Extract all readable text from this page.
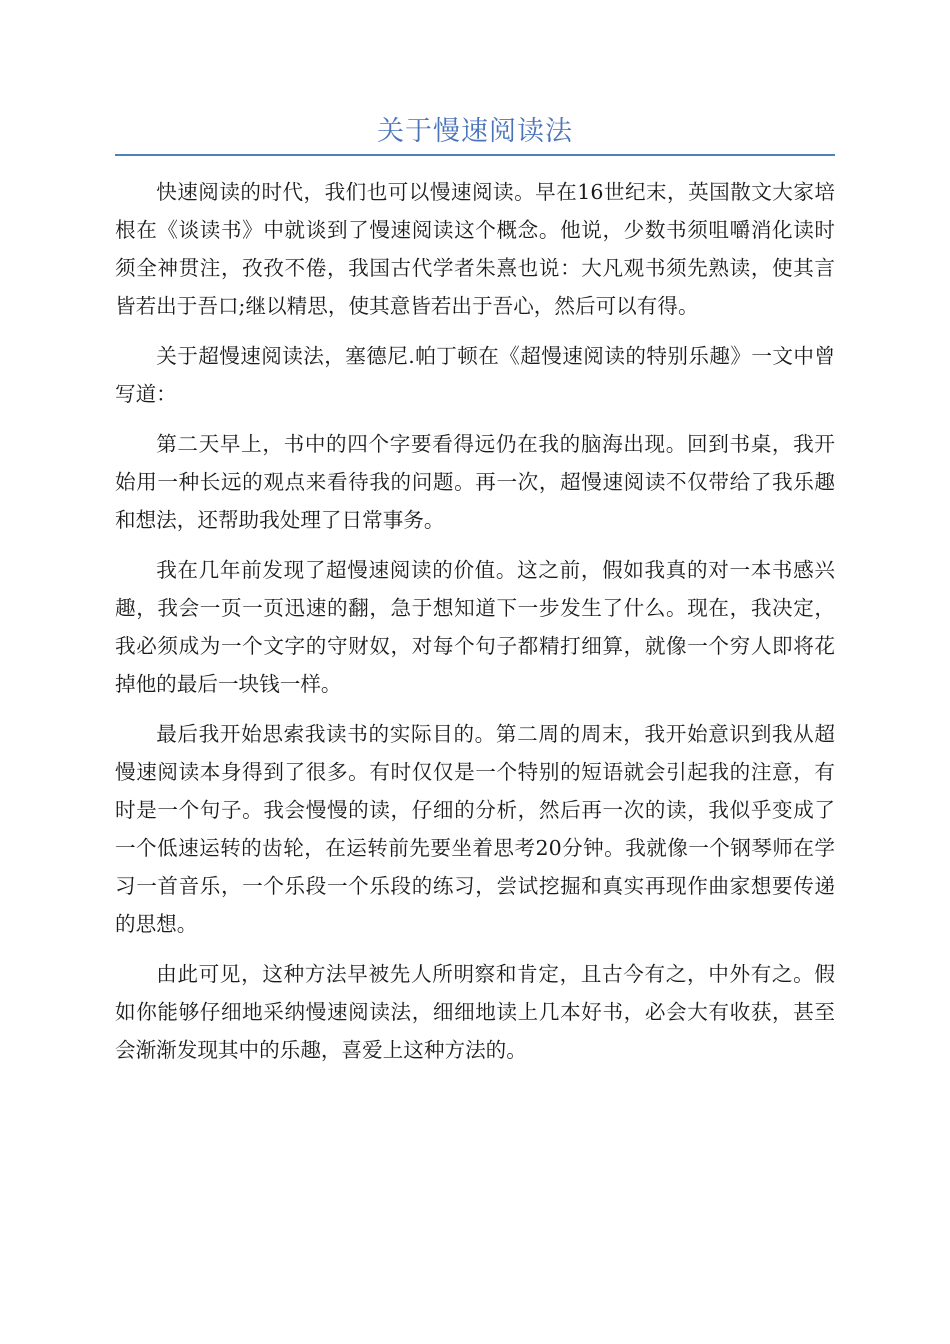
关于慢速阅读法

快速阅读的时代，我们也可以慢速阅读。早在16世纪末，英国散文大家培根在《谈读书》中就谈到了慢速阅读这个概念。他说，少数书须咀嚼消化读时须全神贯注，孜孜不倦，我国古代学者朱熹也说：大凡观书须先熟读，使其言皆若出于吾口;继以精思，使其意皆若出于吾心，然后可以有得。

关于超慢速阅读法，塞德尼.帕丁顿在《超慢速阅读的特别乐趣》一文中曾写道：

第二天早上，书中的四个字要看得远仍在我的脑海出现。回到书桌，我开始用一种长远的观点来看待我的问题。再一次，超慢速阅读不仅带给了我乐趣和想法，还帮助我处理了日常事务。

我在几年前发现了超慢速阅读的价值。这之前，假如我真的对一本书感兴趣，我会一页一页迅速的翻，急于想知道下一步发生了什么。现在，我决定，我必须成为一个文字的守财奴，对每个句子都精打细算，就像一个穷人即将花掉他的最后一块钱一样。

最后我开始思索我读书的实际目的。第二周的周末，我开始意识到我从超慢速阅读本身得到了很多。有时仅仅是一个特别的短语就会引起我的注意，有时是一个句子。我会慢慢的读，仔细的分析，然后再一次的读，我似乎变成了一个低速运转的齿轮，在运转前先要坐着思考20分钟。我就像一个钢琴师在学习一首音乐，一个乐段一个乐段的练习，尝试挖掘和真实再现作曲家想要传递的思想。

由此可见，这种方法早被先人所明察和肯定，且古今有之，中外有之。假如你能够仔细地采纳慢速阅读法，细细地读上几本好书，必会大有收获，甚至会渐渐发现其中的乐趣，喜爱上这种方法的。
